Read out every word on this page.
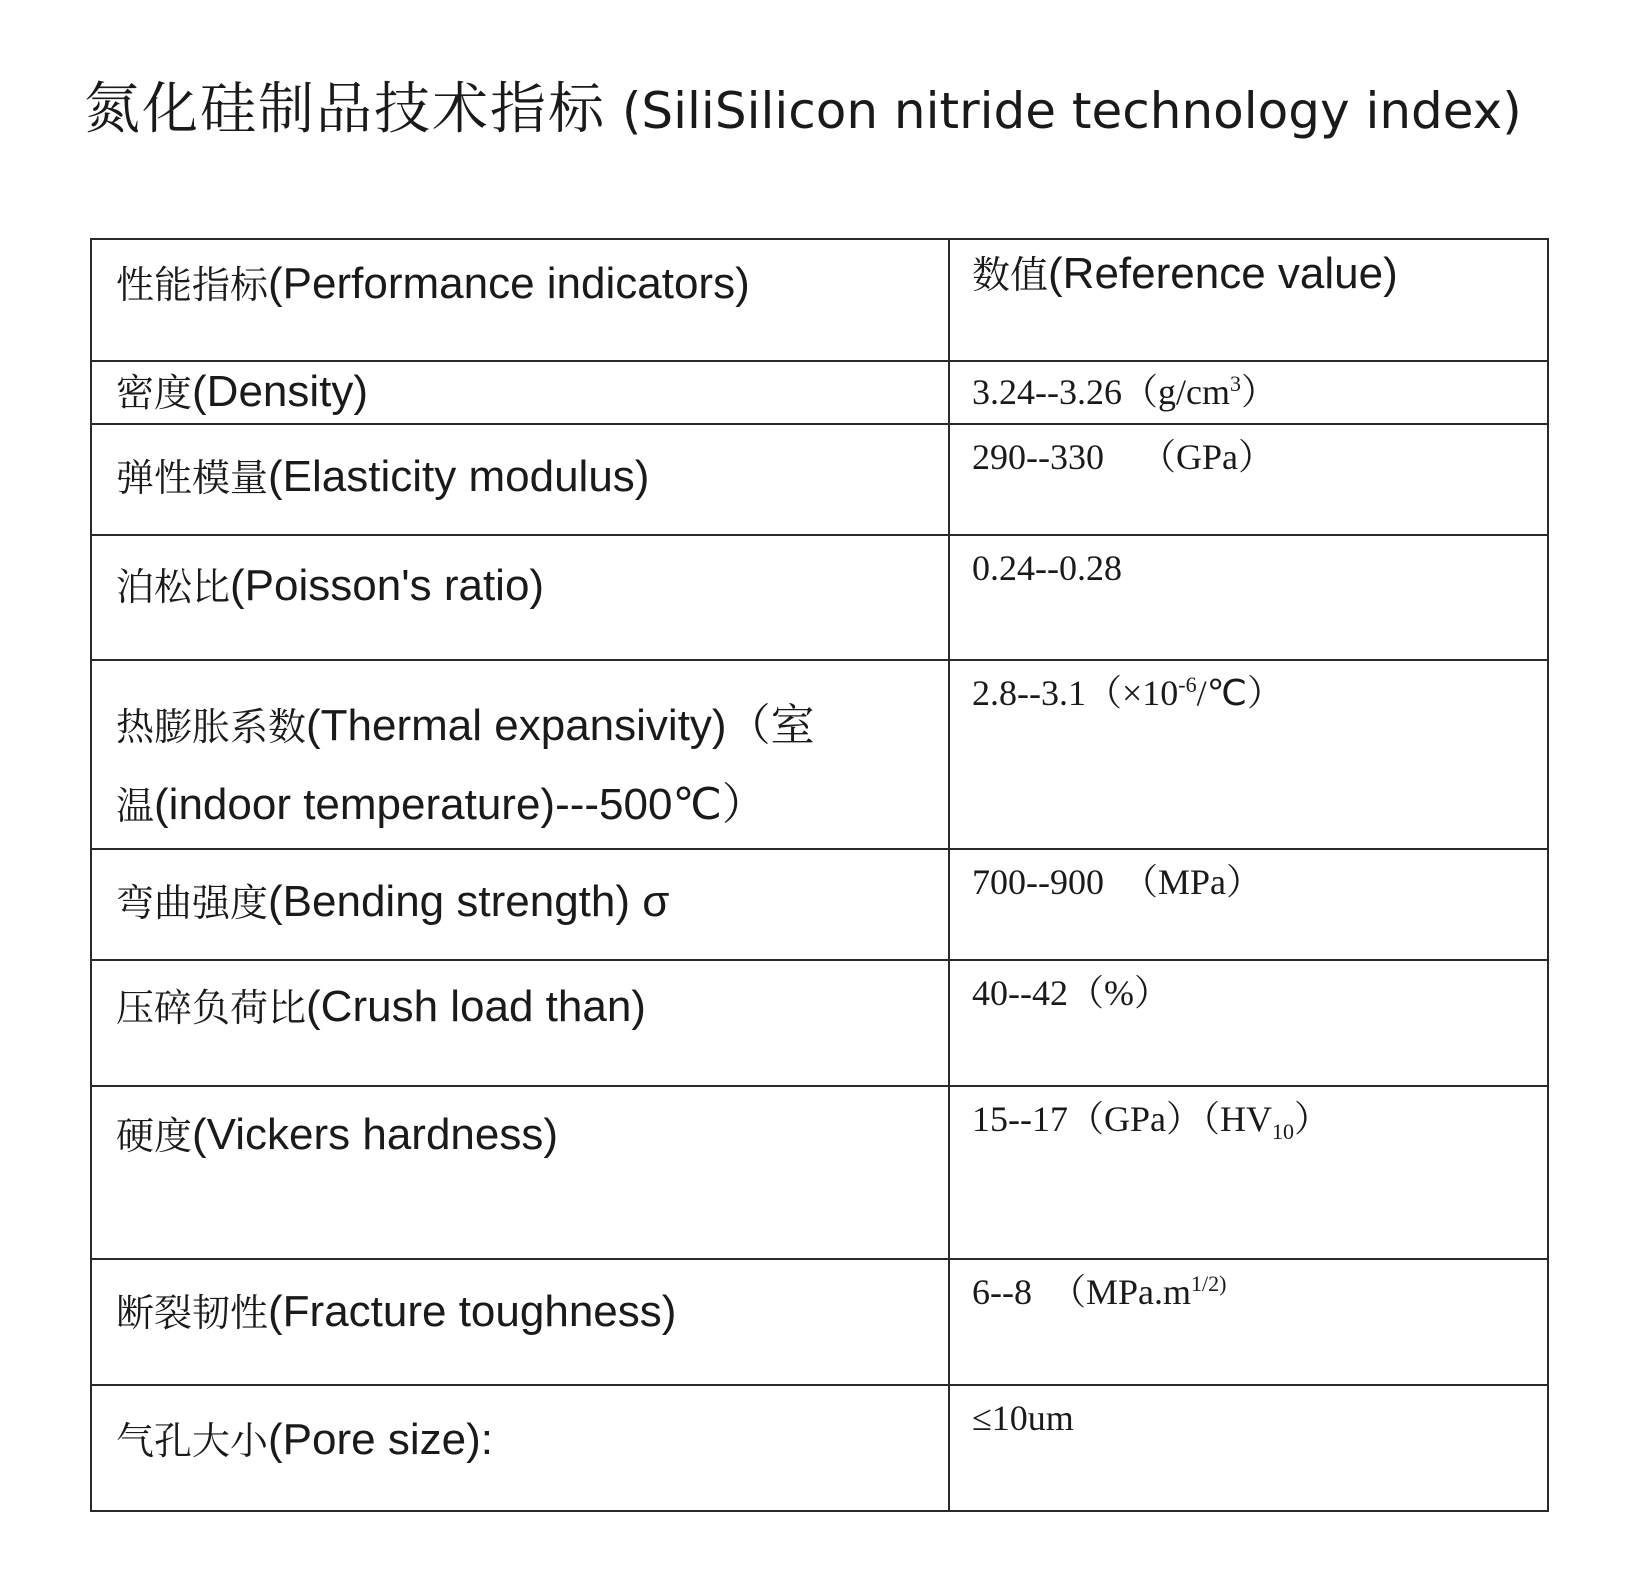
氮化硅制品技术指标 (SiliSilicon nitride technology index)
性能指标(Performance indicators)	数值(Reference value)
密度(Density)	$3.24--3.26(g/cm^3)$
弹性模量(Elasticity modulus)	290--330    （GPa）
泊松比(Poisson's ratio)	0.24--0.28

热膨胀系数(Thermal expansivity)（室
温(indoor temperature)---500℃）	$2.8--3.1(\times 10^{-6}/℃)$
弯曲强度(Bending strength) σ	700--900  （MPa）
压碎负荷比(Crush load than)	40--42（%）
硬度(Vickers hardness)	$15--17(GPa)(HV_{10})$
断裂韧性(Fracture toughness)	6--8  （$MPa.m^{1/2)}$
气孔大小(Pore size):	≤10um
